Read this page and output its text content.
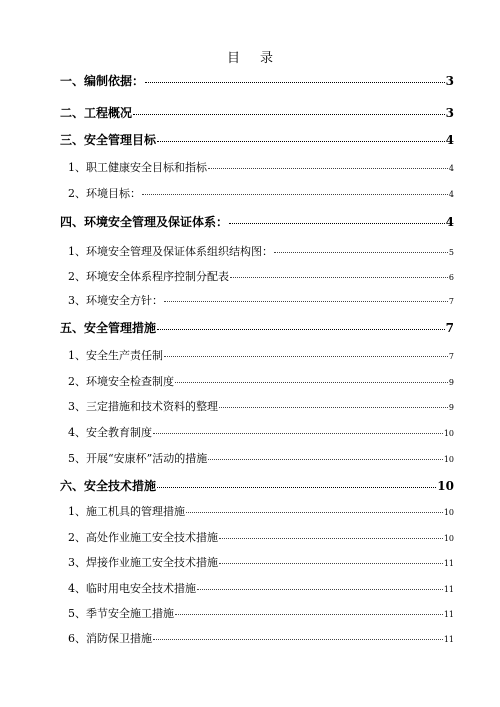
目录
一、编制依据：	3
二、工程概况	3
三、安全管理目标	4
1、职工健康安全目标和指标	4
2、环境目标：	4
四、环境安全管理及保证体系：	4
1、环境安全管理及保证体系组织结构图：	5
2、环境安全体系程序控制分配表	6
3、环境安全方针：	7
五、安全管理措施	7
1、安全生产责任制	7
2、环境安全检查制度	9
3、三定措施和技术资料的整理	9
4、安全教育制度	10
5、开展“安康杯”活动的措施	10
六、安全技术措施	10
1、施工机具的管理措施	10
2、高处作业施工安全技术措施	10
3、焊接作业施工安全技术措施	11
4、临时用电安全技术措施	11
5、季节安全施工措施	11
6、消防保卫措施	11
